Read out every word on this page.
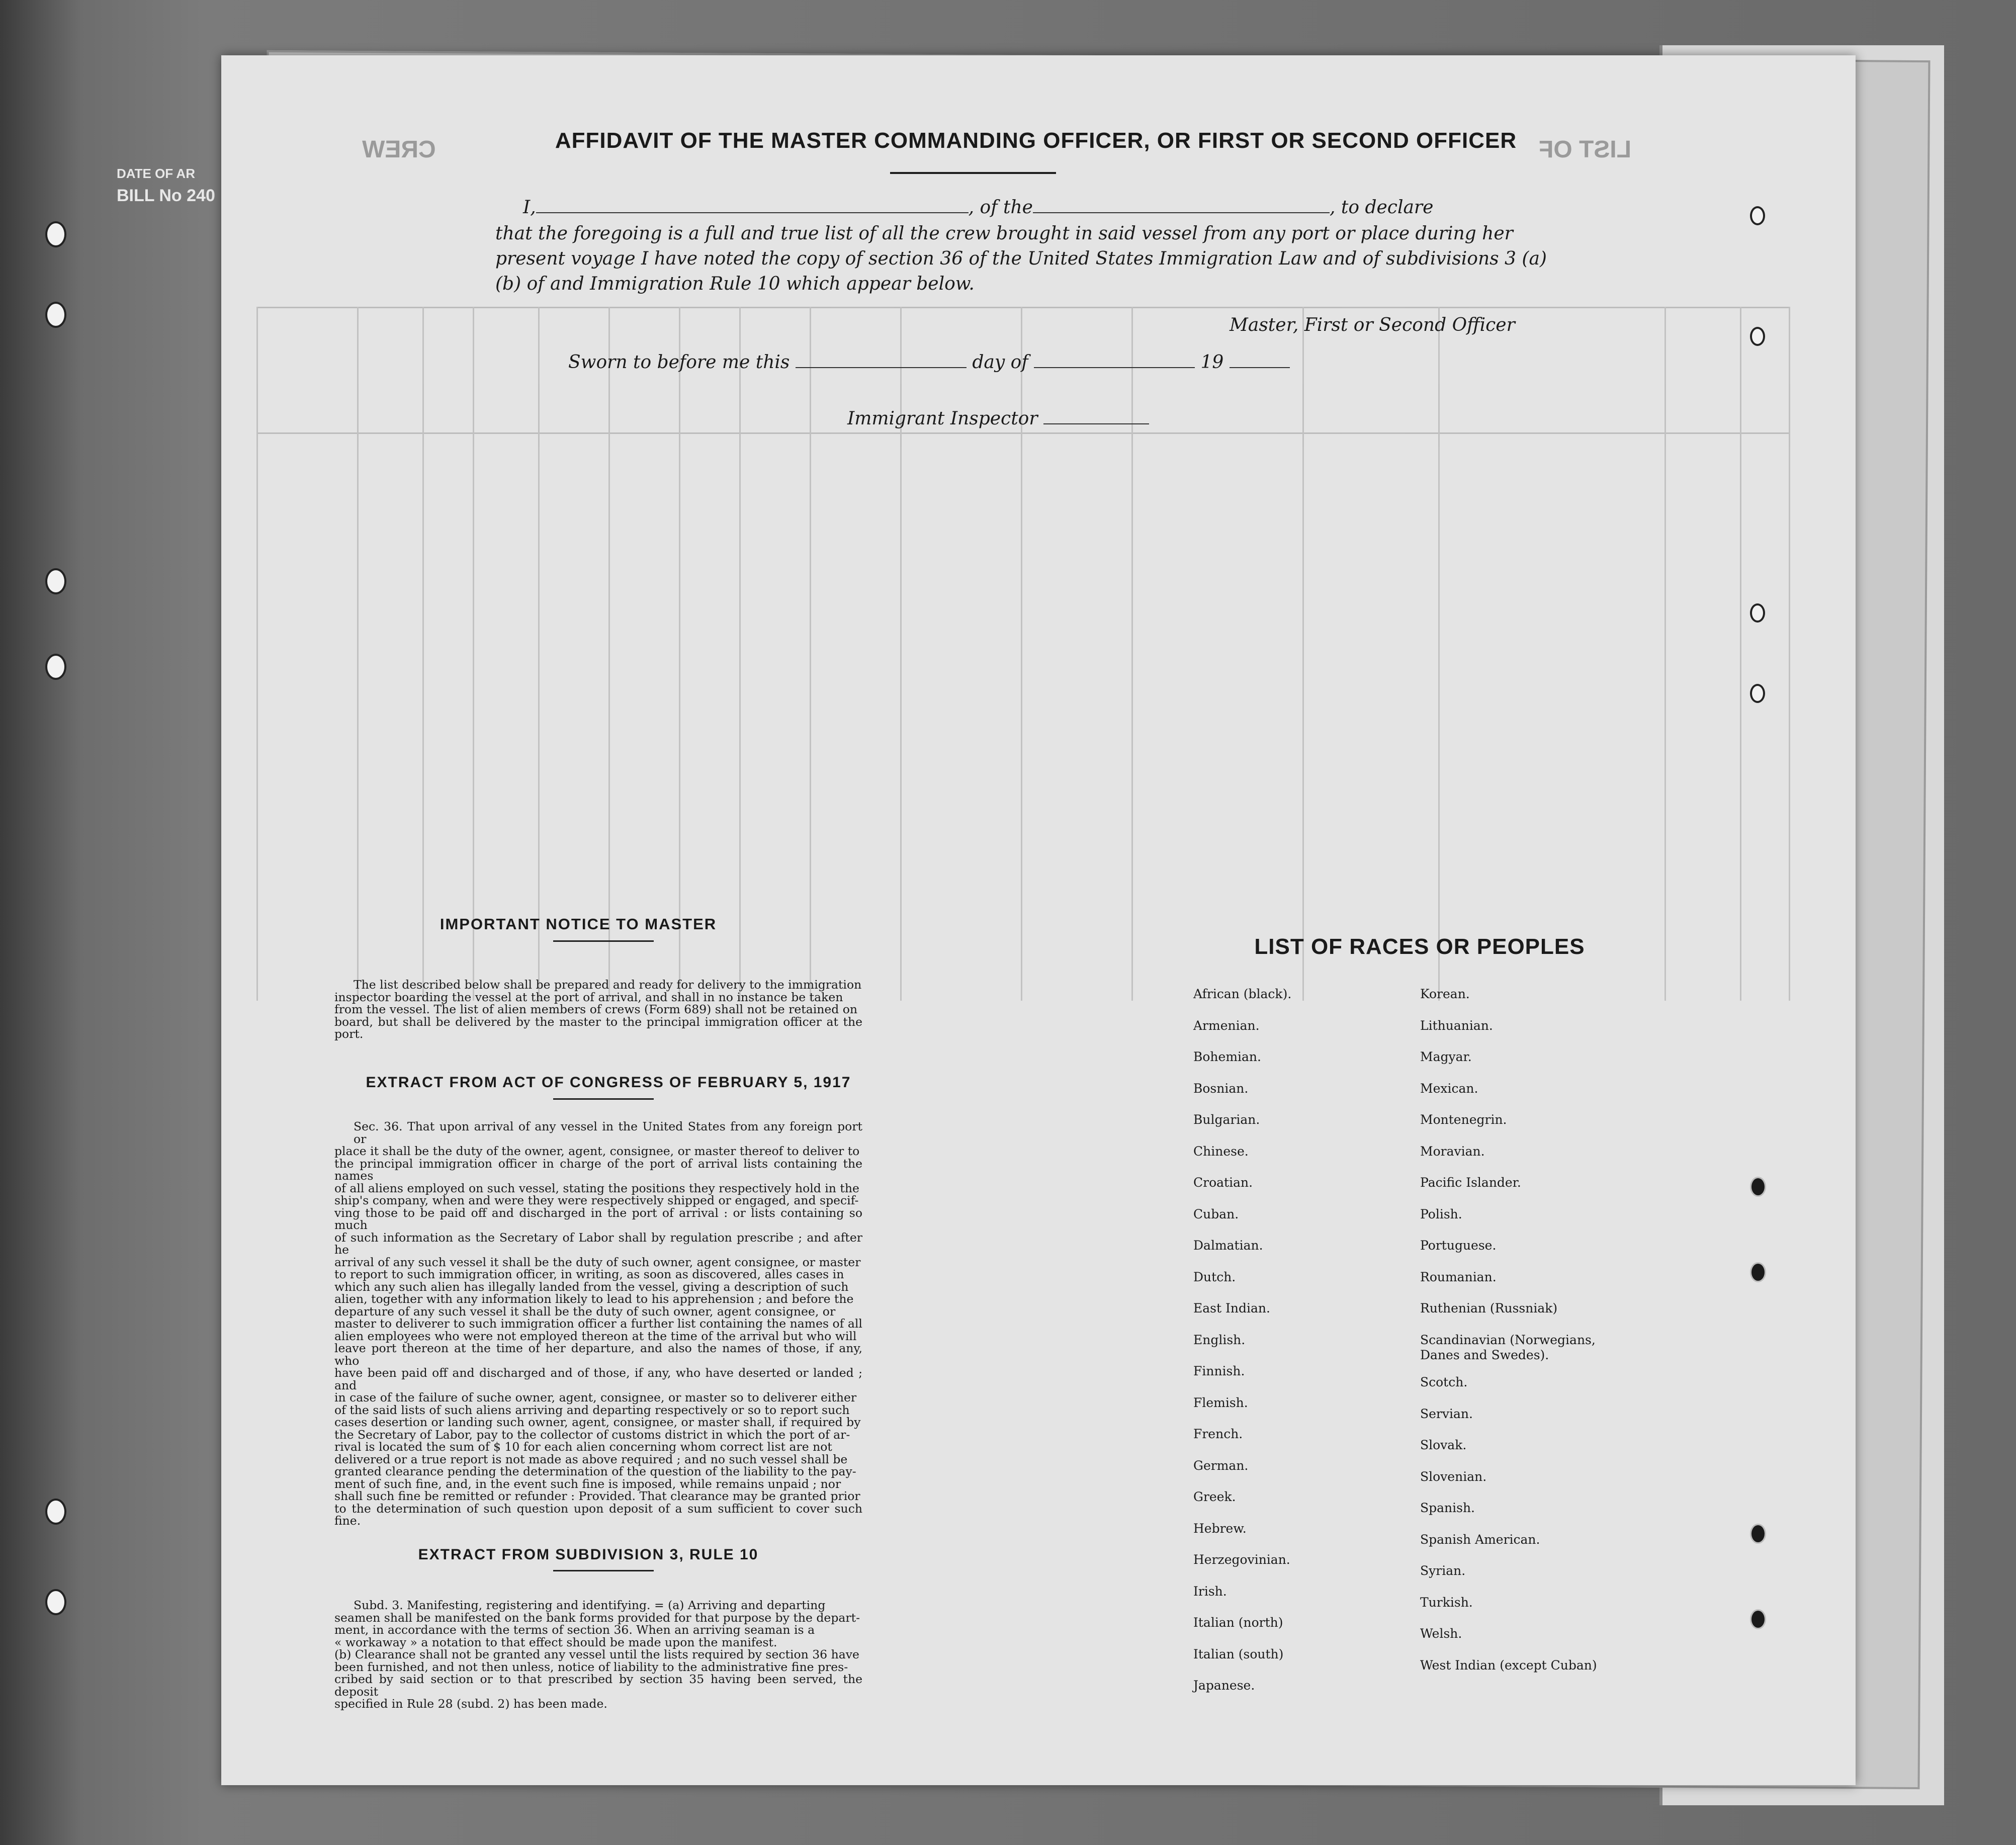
DATE OF AR
BILL No 240
LIST OF
CREW	AFFIDAVIT OF THE MASTER COMMANDING OFFICER, OR FIRST OR SECOND OFFICER
I,	, of the	, to declare
that the foregoing is a full and true list of all the crew brought in said vessel from any port or place during her
present voyage I have noted the copy of section 36 of the United States Immigration Law and of subdivisions 3 (a)
(b) of and Immigration Rule 10 which appear below.
Master, First or Second Officer
Sworn to before me this	day of	19
Immigrant Inspector
IMPORTANT NOTICE TO MASTER
The list described below shall be prepared and ready for delivery to the immigration
inspector boarding the vessel at the port of arrival, and shall in no instance be taken
from the vessel. The list of alien members of crews (Form 689) shall not be retained on
board, but shall be delivered by the master to the principal immigration officer at the port.
EXTRACT FROM ACT OF CONGRESS OF FEBRUARY 5, 1917
Sec. 36. That upon arrival of any vessel in the United States from any foreign port or
place it shall be the duty of the owner, agent, consignee, or master thereof to deliver to
the principal immigration officer in charge of the port of arrival lists containing the names
of all aliens employed on such vessel, stating the positions they respectively hold in the
ship's company, when and were they were respectively shipped or engaged, and specif-
ving those to be paid off and discharged in the port of arrival : or lists containing so much
of such information as the Secretary of Labor shall by regulation prescribe ; and after he
arrival of any such vessel it shall be the duty of such owner, agent consignee, or master
to report to such immigration officer, in writing, as soon as discovered, alles cases in
which any such alien has illegally landed from the vessel, giving a description of such
alien, together with any information likely to lead to his apprehension ; and before the
departure of any such vessel it shall be the duty of such owner, agent consignee, or
master to deliverer to such immigration officer a further list containing the names of all
alien employees who were not employed thereon at the time of the arrival but who will
leave port thereon at the time of her departure, and also the names of those, if any, who
have been paid off and discharged and of those, if any, who have deserted or landed ; and
in case of the failure of suche owner, agent, consignee, or master so to deliverer either
of the said lists of such aliens arriving and departing respectively or so to report such
cases desertion or landing such owner, agent, consignee, or master shall, if required by
the Secretary of Labor, pay to the collector of customs district in which the port of ar-
rival is located the sum of $ 10 for each alien concerning whom correct list are not
delivered or a true report is not made as above required ; and no such vessel shall be
granted clearance pending the determination of the question of the liability to the pay-
ment of such fine, and, in the event such fine is imposed, while remains unpaid ; nor
shall such fine be remitted or refunder : Provided. That clearance may be granted prior
to the determination of such question upon deposit of a sum sufficient to cover such fine.
EXTRACT FROM SUBDIVISION 3, RULE 10
Subd. 3. Manifesting, registering and identifying. = (a) Arriving and departing
seamen shall be manifested on the bank forms provided for that purpose by the depart-
ment, in accordance with the terms of section 36. When an arriving seaman is a
« workaway » a notation to that effect should be made upon the manifest.
(b) Clearance shall not be granted any vessel until the lists required by section 36 have
been furnished, and not then unless, notice of liability to the administrative fine pres-
cribed by said section or to that prescribed by section 35 having been served, the deposit
specified in Rule 28 (subd. 2) has been made.
LIST OF RACES OR PEOPLES
African (black).
Armenian.
Bohemian.
Bosnian.
Bulgarian.
Chinese.
Croatian.
Cuban.
Dalmatian.
Dutch.
East Indian.
English.
Finnish.
Flemish.
French.
German.
Greek.
Hebrew.
Herzegovinian.
Irish.
Italian (north)
Italian (south)
Japanese.
Korean.
Lithuanian.
Magyar.
Mexican.
Montenegrin.
Moravian.
Pacific Islander.
Polish.
Portuguese.
Roumanian.
Ruthenian (Russniak)
Scandinavian (Norwegians,
Danes and Swedes).
Scotch.
Servian.
Slovak.
Slovenian.
Spanish.
Spanish American.
Syrian.
Turkish.
Welsh.
West Indian (except Cuban)
